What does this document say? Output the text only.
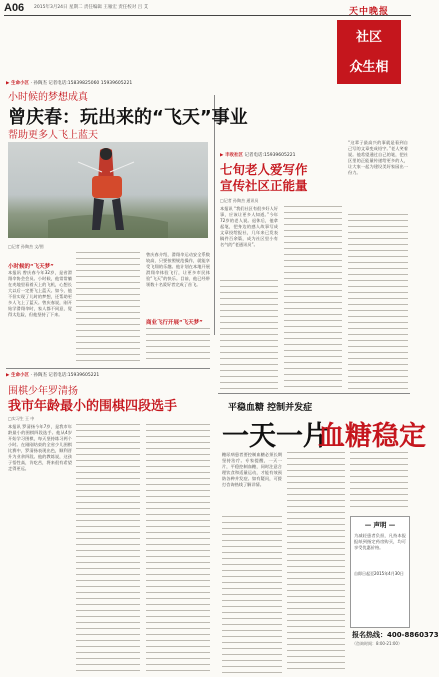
A06 2015年3月24日 星期二 责任编辑 王雁宏 责任校对 吕 艾	天中晚报
社区
众生相
▶ 生命小区 · 孙陶杰 记者电话:15839825060 15939605221
小时候的梦想成真
曾庆春：玩出来的“飞天”事业
帮助更多人飞上蓝天
□记者 孙陶杰 文/图
小时候的“飞天梦”
本报讯 曾庆春今年32岁，是省滑翔伞协会会员。小时候，他常常躺在麦地里看着天上的飞机，心想长大以后一定要飞上蓝天。如今，他不但实现了儿时的梦想，还帮助更多人飞上了蓝天。曾庆春说，刚开始学滑翔伞时，家人都不同意，觉得太危险，但他坚持了下来。
曾庆春介绍，滑翔伞运动安全系数较高，只要按照规范操作，就能享受飞翔的乐趣。他计划在本地开展滑翔伞体验飞行，让更多市民体验“飞天”的快乐。目前，他已经带领数十名爱好者完成了首飞。
商业飞行开展“飞天梦”
▶ 生命小区 · 孙陶杰 记者电话:15939605221
围棋少年罗清扬
我市年龄最小的围棋四段选手
□实习生 王 中
本报讯 罗清扬今年7岁，是我市年龄最小的围棋四段选手。他从4岁开始学习围棋，每天坚持练习两个小时。在刚刚结束的全省少儿围棋比赛中，罗清扬表现出色，顺利晋升为业余四段。他的教练说，这孩子悟性高，肯吃苦，将来很有希望走得更远。
▶ 丰收社区 记者电话:15939605221
七旬老人爱写作
宣传社区正能量
□记者 孙陶杰 通讯员
本报讯 “我们社区有很多好人好事，应该让更多人知道。”今年72岁的老人说。退休后，他拿起笔，把身边的感人故事写成文章投给报社，几年来已发表稿件百余篇，成为社区里小有名气的“老通讯员”。
“这辈子最高兴的事就是看到自己写的文章变成铅字。”老人笑着说。他希望通过自己的笔，把社区里的正能量传递给更多的人，让大家一起为建设美好家园出一份力。
平稳血糖 控制并发症
一天一片
血糖稳定
糖尿病患者要控制血糖必须长期坚持治疗。专家提醒，一天一片，平稳控制血糖，同时注意合理饮食和适量运动，才能有效预防各种并发症。如有疑问，可拨打咨询热线了解详情。
— 声明 —
为减轻患者负担，凡持本报报纸到指定药房购买，均可享受优惠价格。
自即日起至2015年4月30日
报名热线：400-8860373
（咨询时间：8:00-21:00）
